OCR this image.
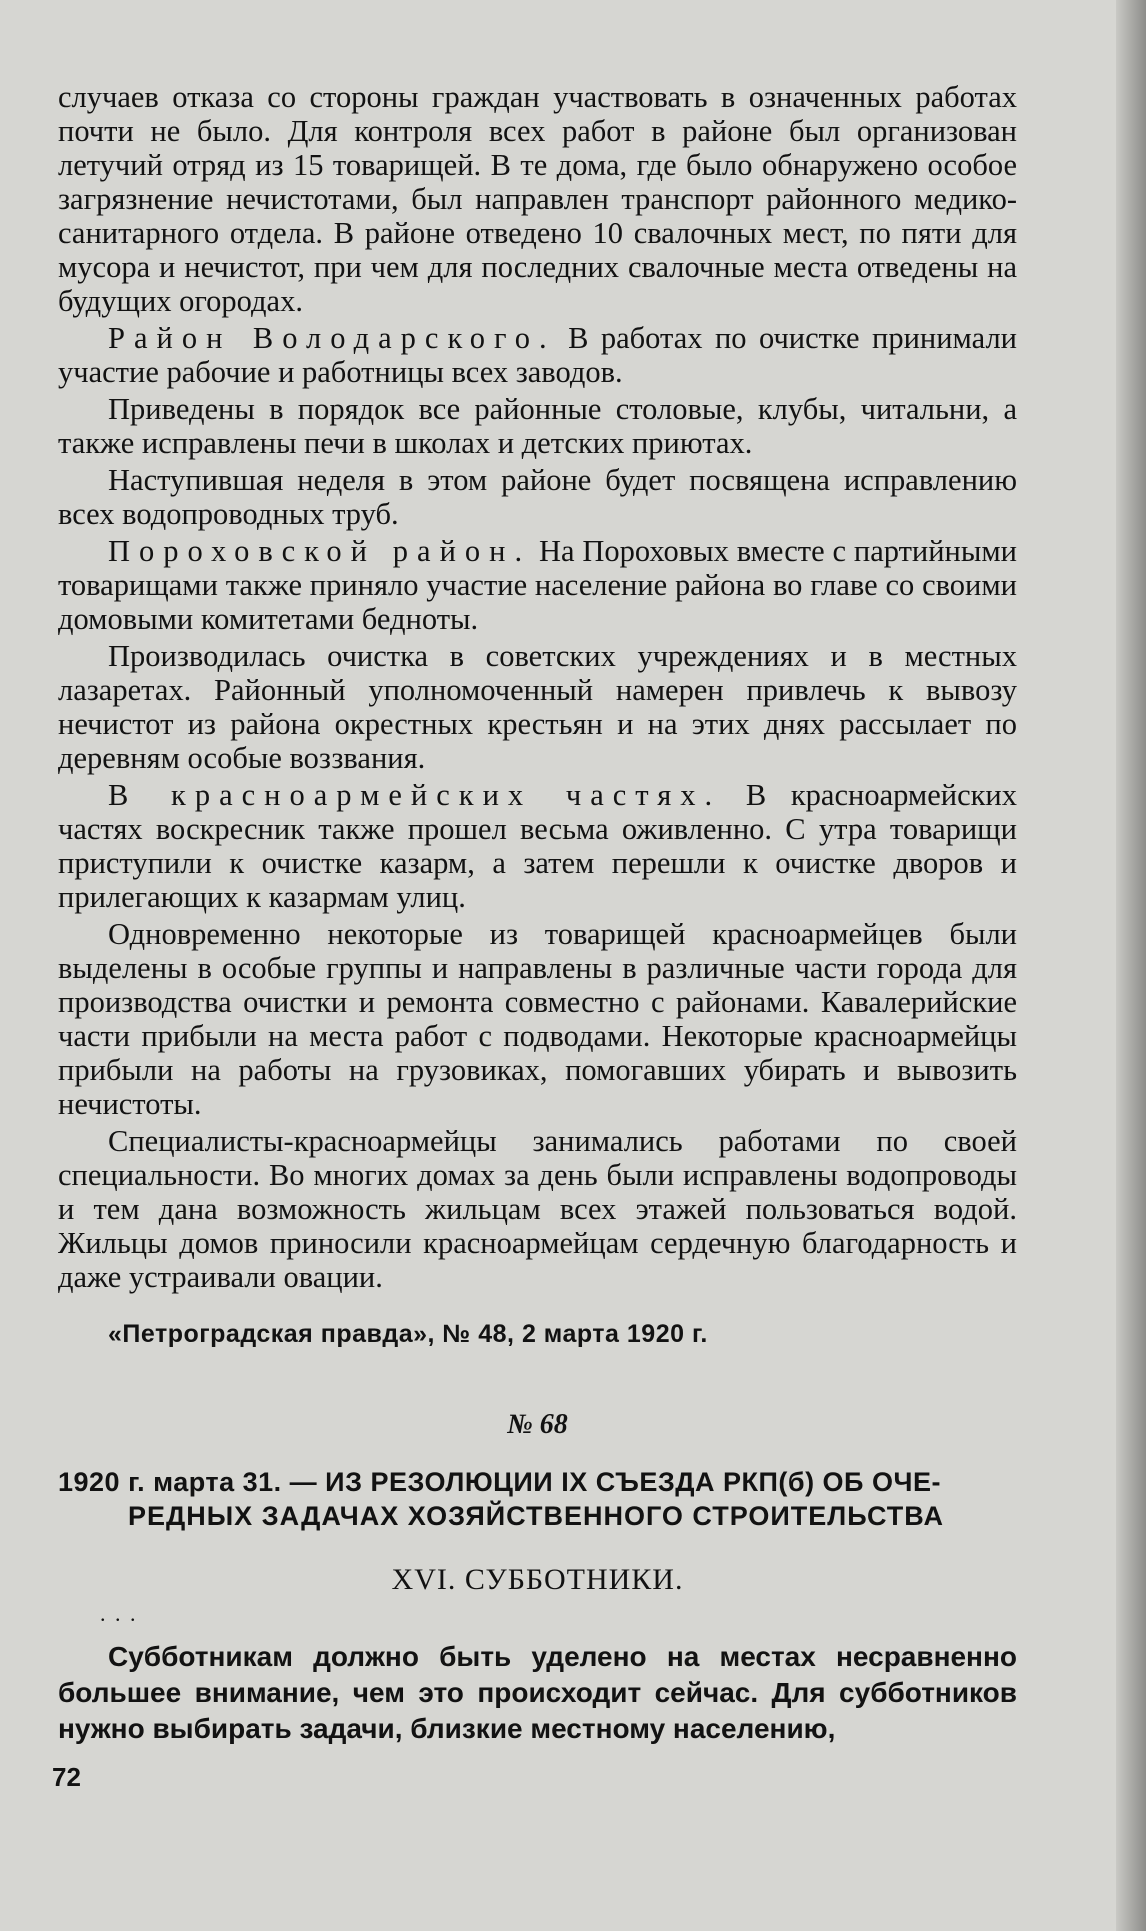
случаев отказа со стороны граждан участвовать в означенных работах почти не было. Для контроля всех работ в районе был организован летучий отряд из 15 товарищей. В те дома, где было обнаружено особое загрязнение нечистотами, был направлен транспорт районного медико-санитарного отдела. В районе отведено 10 свалочных мест, по пяти для мусора и нечистот, при чем для последних свалочные места отведены на будущих огородах.

Район Володарского. В работах по очистке принимали участие рабочие и работницы всех заводов.

Приведены в порядок все районные столовые, клубы, читальни, а также исправлены печи в школах и детских приютах.

Наступившая неделя в этом районе будет посвящена исправлению всех водопроводных труб.

Пороховской район. На Пороховых вместе с партийными товарищами также приняло участие население района во главе со своими домовыми комитетами бедноты.

Производилась очистка в советских учреждениях и в местных лазаретах. Районный уполномоченный намерен привлечь к вывозу нечистот из района окрестных крестьян и на этих днях рассылает по деревням особые воззвания.

В красноармейских частях. В красноармейских частях воскресник также прошел весьма оживленно. С утра товарищи приступили к очистке казарм, а затем перешли к очистке дворов и прилегающих к казармам улиц.

Одновременно некоторые из товарищей красноармейцев были выделены в особые группы и направлены в различные части города для производства очистки и ремонта совместно с районами. Кавалерийские части прибыли на места работ с подводами. Некоторые красноармейцы прибыли на работы на грузовиках, помогавших убирать и вывозить нечистоты.

Специалисты-красноармейцы занимались работами по своей специальности. Во многих домах за день были исправлены водопроводы и тем дана возможность жильцам всех этажей пользоваться водой. Жильцы домов приносили красноармейцам сердечную благодарность и даже устраивали овации.

«Петроградская правда», № 48, 2 марта 1920 г.
№ 68
1920 г. марта 31. — ИЗ РЕЗОЛЮЦИИ IX СЪЕЗДА РКП(б) ОБ ОЧЕ-
РЕДНЫХ ЗАДАЧАХ ХОЗЯЙСТВЕННОГО СТРОИТЕЛЬСТВА
XVI. СУББОТНИКИ.
. . .

Субботникам должно быть уделено на местах несравненно большее внимание, чем это происходит сейчас. Для субботников нужно выбирать задачи, близкие местному населению,

72
